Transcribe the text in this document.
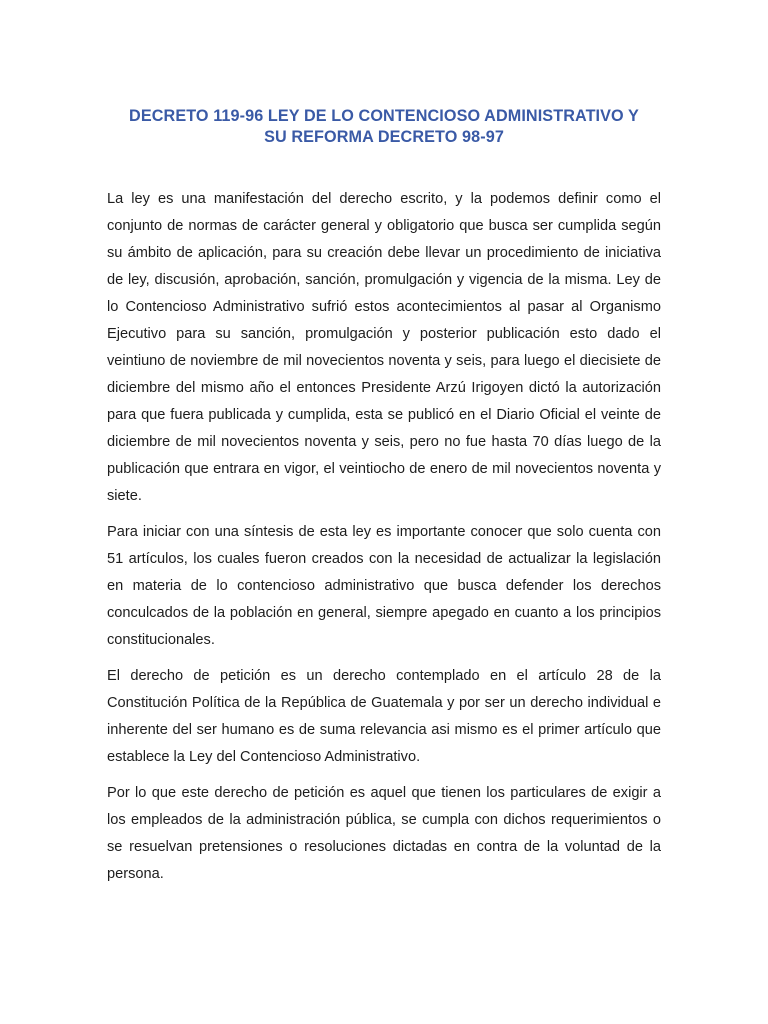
DECRETO 119-96 LEY DE LO CONTENCIOSO ADMINISTRATIVO Y
SU REFORMA DECRETO 98-97

La ley es una manifestación del derecho escrito, y la podemos definir como el conjunto de normas de carácter general y obligatorio que busca ser cumplida según su ámbito de aplicación, para su creación debe llevar un procedimiento de iniciativa de ley, discusión, aprobación, sanción, promulgación y vigencia de la misma. Ley de lo Contencioso Administrativo sufrió estos acontecimientos al pasar al Organismo Ejecutivo para su sanción, promulgación y posterior publicación esto dado el veintiuno de noviembre de mil novecientos noventa y seis, para luego el diecisiete de diciembre del mismo año el entonces Presidente Arzú Irigoyen dictó la autorización para que fuera publicada y cumplida, esta se publicó en el Diario Oficial el veinte de diciembre de mil novecientos noventa y seis, pero no fue hasta 70 días luego de la publicación que entrara en vigor, el veintiocho de enero de mil novecientos noventa y siete.

Para iniciar con una síntesis de esta ley es importante conocer que solo cuenta con 51 artículos, los cuales fueron creados con la necesidad de actualizar la legislación en materia de lo contencioso administrativo que busca defender los derechos conculcados de la población en general, siempre apegado en cuanto a los principios constitucionales.

El derecho de petición es un derecho contemplado en el artículo 28 de la Constitución Política de la República de Guatemala y por ser un derecho individual e inherente del ser humano es de suma relevancia asi mismo es el primer artículo que establece la Ley del Contencioso Administrativo.

Por lo que este derecho de petición es aquel que tienen los particulares de exigir a los empleados de la administración pública, se cumpla con dichos requerimientos o se resuelvan pretensiones o resoluciones dictadas en contra de la voluntad de la persona.
